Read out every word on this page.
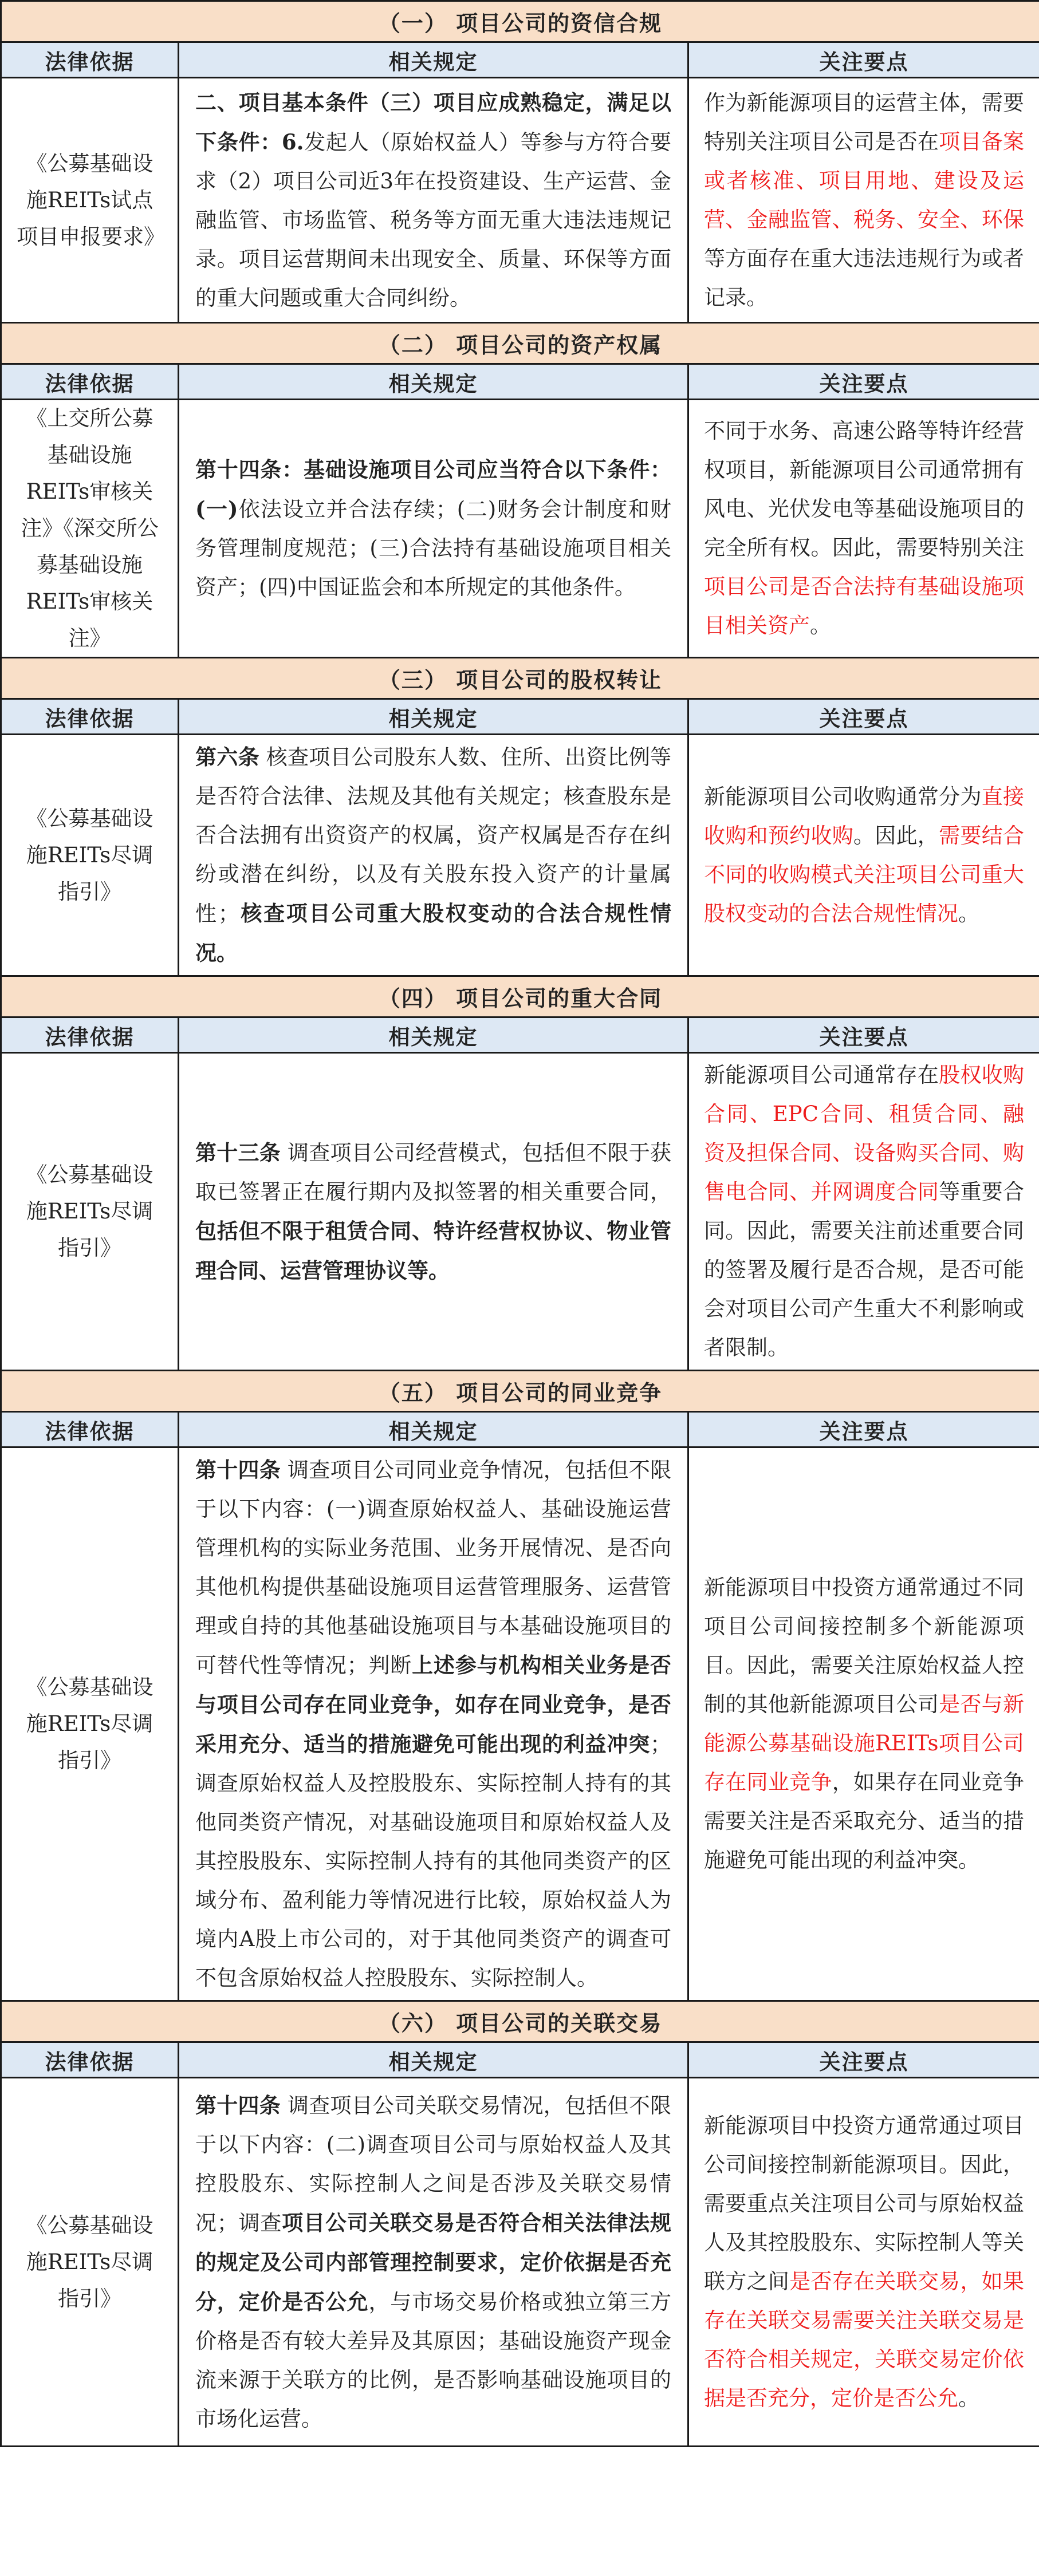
（一） 项目公司的资信合规		
法律依据	相关规定	关注要点
《公募基础设施REITs试点项目申报要求》	二、项目基本条件（三）项目应成熟稳定，满足以下条件：6.发起人（原始权益人）等参与方符合要求（2）项目公司近3年在投资建设、生产运营、金融监管、市场监管、税务等方面无重大违法违规记录。项目运营期间未出现安全、质量、环保等方面的重大问题或重大合同纠纷。	作为新能源项目的运营主体，需要特别关注项目公司是否在项目备案或者核准、项目用地、建设及运营、金融监管、税务、安全、环保等方面存在重大违法违规行为或者记录。
（二） 项目公司的资产权属		
法律依据	相关规定	关注要点
《上交所公募基础设施REITs审核关注》《深交所公募基础设施REITs审核关注》	第十四条：基础设施项目公司应当符合以下条件：(一)依法设立并合法存续；(二)财务会计制度和财务管理制度规范；(三)合法持有基础设施项目相关资产；(四)中国证监会和本所规定的其他条件。	不同于水务、高速公路等特许经营权项目，新能源项目公司通常拥有风电、光伏发电等基础设施项目的完全所有权。因此，需要特别关注项目公司是否合法持有基础设施项目相关资产。
（三） 项目公司的股权转让		
法律依据	相关规定	关注要点
《公募基础设施REITs尽调指引》	第六条 核查项目公司股东人数、住所、出资比例等是否符合法律、法规及其他有关规定；核查股东是否合法拥有出资资产的权属，资产权属是否存在纠纷或潜在纠纷，以及有关股东投入资产的计量属性；核查项目公司重大股权变动的合法合规性情况。	新能源项目公司收购通常分为直接收购和预约收购。因此，需要结合不同的收购模式关注项目公司重大股权变动的合法合规性情况。
（四） 项目公司的重大合同		
法律依据	相关规定	关注要点
《公募基础设施REITs尽调指引》	第十三条 调查项目公司经营模式，包括但不限于获取已签署正在履行期内及拟签署的相关重要合同，包括但不限于租赁合同、特许经营权协议、物业管理合同、运营管理协议等。	新能源项目公司通常存在股权收购合同、EPC合同、租赁合同、融资及担保合同、设备购买合同、购售电合同、并网调度合同等重要合同。因此，需要关注前述重要合同的签署及履行是否合规，是否可能会对项目公司产生重大不利影响或者限制。
（五） 项目公司的同业竞争		
法律依据	相关规定	关注要点
《公募基础设施REITs尽调指引》	第十四条 调查项目公司同业竞争情况，包括但不限于以下内容：(一)调查原始权益人、基础设施运营管理机构的实际业务范围、业务开展情况、是否向其他机构提供基础设施项目运营管理服务、运营管理或自持的其他基础设施项目与本基础设施项目的可替代性等情况；判断上述参与机构相关业务是否与项目公司存在同业竞争，如存在同业竞争，是否采用充分、适当的措施避免可能出现的利益冲突；调查原始权益人及控股股东、实际控制人持有的其他同类资产情况，对基础设施项目和原始权益人及其控股股东、实际控制人持有的其他同类资产的区域分布、盈利能力等情况进行比较，原始权益人为境内A股上市公司的，对于其他同类资产的调查可不包含原始权益人控股股东、实际控制人。	新能源项目中投资方通常通过不同项目公司间接控制多个新能源项目。因此，需要关注原始权益人控制的其他新能源项目公司是否与新能源公募基础设施REITs项目公司存在同业竞争，如果存在同业竞争需要关注是否采取充分、适当的措施避免可能出现的利益冲突。
（六） 项目公司的关联交易		
法律依据	相关规定	关注要点
《公募基础设施REITs尽调指引》	第十四条 调查项目公司关联交易情况，包括但不限于以下内容：(二)调查项目公司与原始权益人及其控股股东、实际控制人之间是否涉及关联交易情况；调查项目公司关联交易是否符合相关法律法规的规定及公司内部管理控制要求，定价依据是否充分，定价是否公允，与市场交易价格或独立第三方价格是否有较大差异及其原因；基础设施资产现金流来源于关联方的比例，是否影响基础设施项目的市场化运营。	新能源项目中投资方通常通过项目公司间接控制新能源项目。因此，需要重点关注项目公司与原始权益人及其控股股东、实际控制人等关联方之间是否存在关联交易，如果存在关联交易需要关注关联交易是否符合相关规定，关联交易定价依据是否充分，定价是否公允。
